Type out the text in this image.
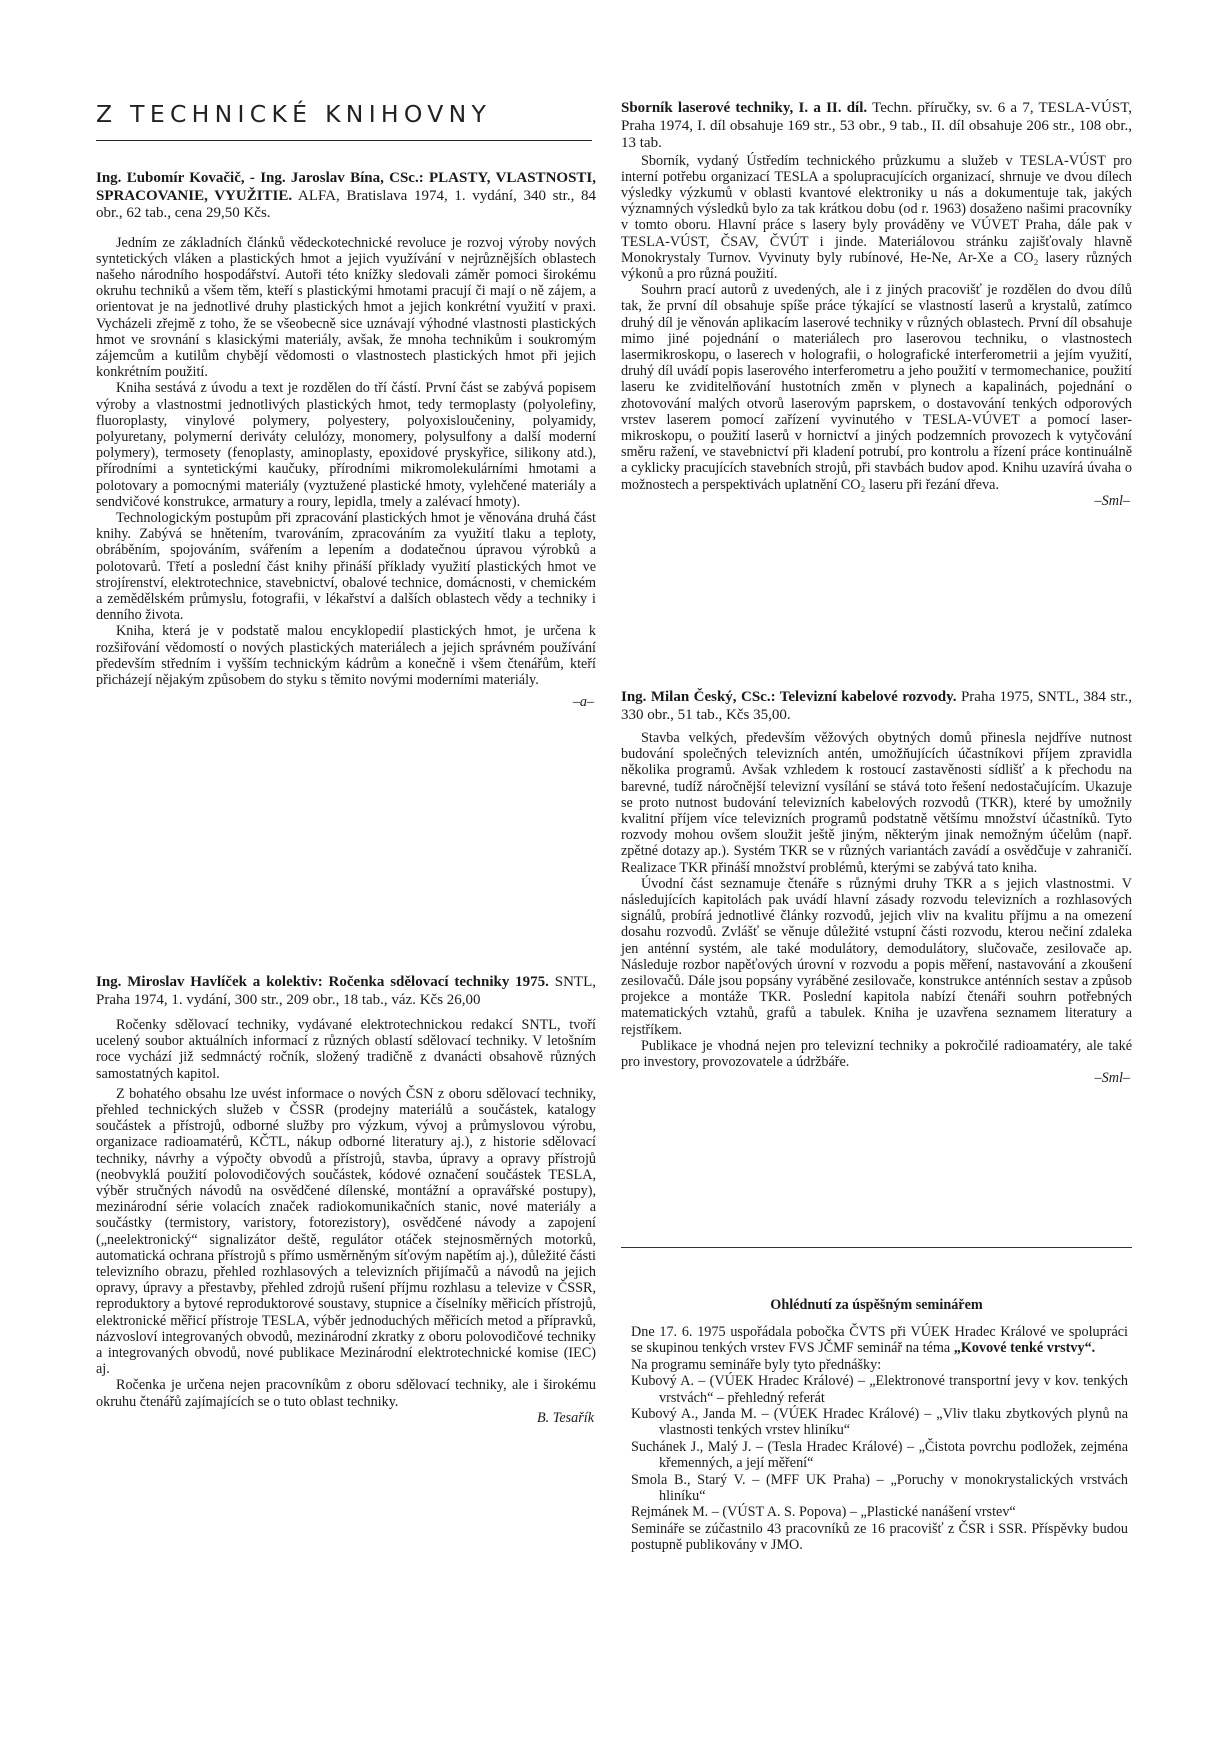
Z TECHNICKÉ KNIHOVNY

Ing. Ľubomír Kovačič, - Ing. Jaroslav Bína, CSc.: PLASTY, VLASTNOSTI, SPRACOVANIE, VYUŽITIE. ALFA, Bratislava 1974, 1. vydání, 340 str., 84 obr., 62 tab., cena 29,50 Kčs.

Jedním ze základních článků vědeckotechnické revoluce je rozvoj výroby nových syntetických vláken a plastických hmot a jejich využívání v nejrůznějších oblastech našeho národního hospodářství. Autoři této knížky sledovali záměr pomoci širokému okruhu techniků a všem těm, kteří s plastickými hmotami pracují či mají o ně zájem, a orientovat je na jednotlivé druhy plastických hmot a jejich konkrétní využití v praxi. Vycházeli zřejmě z toho, že se všeobecně sice uznávají výhodné vlastnosti plastických hmot ve srovnání s klasickými materiály, avšak, že mnoha technikům i soukromým zájemcům a kutilům chybějí vědomosti o vlastnostech plastických hmot při jejich konkrétním použití.

Kniha sestává z úvodu a text je rozdělen do tří částí. První část se zabývá popisem výroby a vlastnostmi jednotlivých plastických hmot, tedy termoplasty (polyolefiny, fluoroplasty, vinylové polymery, polyestery, polyoxisloučeniny, polyamidy, polyuretany, polymerní deriváty celulózy, monomery, polysulfony a další moderní polymery), termosety (fenoplasty, aminoplasty, epoxidové pryskyřice, silikony atd.), přírodními a syntetickými kaučuky, přírodními mikromolekulárními hmotami a polotovary a pomocnými materiály (vyztužené plastické hmoty, vylehčené materiály a sendvičové konstrukce, armatury a roury, lepidla, tmely a zalévací hmoty).

Technologickým postupům při zpracování plastických hmot je věnována druhá část knihy. Zabývá se hnětením, tvarováním, zpracováním za využití tlaku a teploty, obráběním, spojováním, svářením a lepením a dodatečnou úpravou výrobků a polotovarů. Třetí a poslední část knihy přináší příklady využití plastických hmot ve strojírenství, elektrotechnice, stavebnictví, obalové technice, domácnosti, v chemickém a zemědělském průmyslu, fotografii, v lékařství a dalších oblastech vědy a techniky i denního života.

Kniha, která je v podstatě malou encyklopedií plastických hmot, je určena k rozšiřování vědomostí o nových plastických materiálech a jejich správném používání především středním i vyšším technickým kádrům a konečně i všem čtenářům, kteří přicházejí nějakým způsobem do styku s těmito novými moderními materiály.

–a–

Ing. Miroslav Havlíček a kolektiv: Ročenka sdělovací techniky 1975. SNTL, Praha 1974, 1. vydání, 300 str., 209 obr., 18 tab., váz. Kčs 26,00

Ročenky sdělovací techniky, vydávané elektrotechnickou redakcí SNTL, tvoří ucelený soubor aktuálních informací z různých oblastí sdělovací techniky. V letošním roce vychází již sedmnáctý ročník, složený tradičně z dvanácti obsahově různých samostatných kapitol.

Z bohatého obsahu lze uvést informace o nových ČSN z oboru sdělovací techniky, přehled technických služeb v ČSSR (prodejny materiálů a součástek, katalogy součástek a přístrojů, odborné služby pro výzkum, vývoj a průmyslovou výrobu, organizace radioamatérů, KČTL, nákup odborné literatury aj.), z historie sdělovací techniky, návrhy a výpočty obvodů a přístrojů, stavba, úpravy a opravy přístrojů (neobvyklá použití polovodičových součástek, kódové označení součástek TESLA, výběr stručných návodů na osvědčené dílenské, montážní a opravářské postupy), mezinárodní série volacích značek radiokomunikačních stanic, nové materiály a součástky (termistory, varistory, fotorezistory), osvědčené návody a zapojení („neelektronický“ signalizátor deště, regulátor otáček stejnosměrných motorků, automatická ochrana přístrojů s přímo usměrněným síťovým napětím aj.), důležité části televizního obrazu, přehled rozhlasových a televizních přijímačů a návodů na jejich opravy, úpravy a přestavby, přehled zdrojů rušení příjmu rozhlasu a televize v ČSSR, reproduktory a bytové reproduktorové soustavy, stupnice a číselníky měřicích přístrojů, elektronické měřicí přístroje TESLA, výběr jednoduchých měřicích metod a přípravků, názvosloví integrovaných obvodů, mezinárodní zkratky z oboru polovodičové techniky a integrovaných obvodů, nové publikace Mezinárodní elektrotechnické komise (IEC) aj.

Ročenka je určena nejen pracovníkům z oboru sdělovací techniky, ale i širokému okruhu čtenářů zajímajících se o tuto oblast techniky.

B. Tesařík

Sborník laserové techniky, I. a II. díl. Techn. příručky, sv. 6 a 7, TESLA-VÚST, Praha 1974, I. díl obsahuje 169 str., 53 obr., 9 tab., II. díl obsahuje 206 str., 108 obr., 13 tab.

Sborník, vydaný Ústředím technického průzkumu a služeb v TESLA-VÚST pro interní potřebu organizací TESLA a spolupracujících organizací, shrnuje ve dvou dílech výsledky výzkumů v oblasti kvantové elektroniky u nás a dokumentuje tak, jakých významných výsledků bylo za tak krátkou dobu (od r. 1963) dosaženo našimi pracovníky v tomto oboru. Hlavní práce s lasery byly prováděny ve VÚVET Praha, dále pak v TESLA-VÚST, ČSAV, ČVÚT i jinde. Materiálovou stránku zajišťovaly hlavně Monokrystaly Turnov. Vyvinuty byly rubínové, He-Ne, Ar-Xe a CO₂ lasery různých výkonů a pro různá použití.

Souhrn prací autorů z uvedených, ale i z jiných pracovišť je rozdělen do dvou dílů tak, že první díl obsahuje spíše práce týkající se vlastností laserů a krystalů, zatímco druhý díl je věnován aplikacím laserové techniky v různých oblastech. První díl obsahuje mimo jiné pojednání o materiálech pro laserovou techniku, o vlastnostech lasermikroskopu, o laserech v holografii, o holografické interferometrii a jejím využití, druhý díl uvádí popis laserového interferometru a jeho použití v termomechanice, použití laseru ke zviditelňování hustotních změn v plynech a kapalinách, pojednání o zhotovování malých otvorů laserovým paprskem, o dostavování tenkých odporových vrstev laserem pomocí zařízení vyvinutého v TESLA-VÚVET a pomocí laser-mikroskopu, o použití laserů v hornictví a jiných podzemních provozech k vytyčování směru ražení, ve stavebnictví při kladení potrubí, pro kontrolu a řízení práce kontinuálně a cyklicky pracujících stavebních strojů, při stavbách budov apod. Knihu uzavírá úvaha o možnostech a perspektivách uplatnění CO₂ laseru při řezání dřeva.

–Sml–

Ing. Milan Český, CSc.: Televizní kabelové rozvody. Praha 1975, SNTL, 384 str., 330 obr., 51 tab., Kčs 35,00.

Stavba velkých, především věžových obytných domů přinesla nejdříve nutnost budování společných televizních antén, umožňujících účastníkovi příjem zpravidla několika programů. Avšak vzhledem k rostoucí zastavěnosti sídlišť a k přechodu na barevné, tudíž náročnější televizní vysílání se stává toto řešení nedostačujícím. Ukazuje se proto nutnost budování televizních kabelových rozvodů (TKR), které by umožnily kvalitní příjem více televizních programů podstatně většímu množství účastníků. Tyto rozvody mohou ovšem sloužit ještě jiným, některým jinak nemožným účelům (např. zpětné dotazy ap.). Systém TKR se v různých variantách zavádí a osvědčuje v zahraničí. Realizace TKR přináší množství problémů, kterými se zabývá tato kniha.

Úvodní část seznamuje čtenáře s různými druhy TKR a s jejich vlastnostmi. V následujících kapitolách pak uvádí hlavní zásady rozvodu televizních a rozhlasových signálů, probírá jednotlivé články rozvodů, jejich vliv na kvalitu příjmu a na omezení dosahu rozvodů. Zvlášť se věnuje důležité vstupní části rozvodu, kterou nečiní zdaleka jen anténní systém, ale také modulátory, demodulátory, slučovače, zesilovače ap. Následuje rozbor napěťových úrovní v rozvodu a popis měření, nastavování a zkoušení zesilovačů. Dále jsou popsány vyráběné zesilovače, konstrukce anténních sestav a způsob projekce a montáže TKR. Poslední kapitola nabízí čtenáři souhrn potřebných matematických vztahů, grafů a tabulek. Kniha je uzavřena seznamem literatury a rejstříkem.

Publikace je vhodná nejen pro televizní techniky a pokročilé radioamatéry, ale také pro investory, provozovatele a údržbáře.

–Sml–

Ohlédnutí za úspěšným seminářem

Dne 17. 6. 1975 uspořádala pobočka ČVTS při VÚEK Hradec Králové ve spolupráci se skupinou tenkých vrstev FVS JČMF seminář na téma „Kovové tenké vrstvy“.

Na programu semináře byly tyto přednášky:

Kubový A. – (VÚEK Hradec Králové) – „Elektronové transportní jevy v kov. tenkých vrstvách“ – přehledný referát

Kubový A., Janda M. – (VÚEK Hradec Králové) – „Vliv tlaku zbytkových plynů na vlastnosti tenkých vrstev hliníku“

Suchánek J., Malý J. – (Tesla Hradec Králové) – „Čistota povrchu podložek, zejména křemenných, a její měření“

Smola B., Starý V. – (MFF UK Praha) – „Poruchy v monokrystalických vrstvách hliníku“

Rejmánek M. – (VÚST A. S. Popova) – „Plastické nanášení vrstev“

Semináře se zúčastnilo 43 pracovníků ze 16 pracovišť z ČSR i SSR. Příspěvky budou postupně publikovány v JMO.
